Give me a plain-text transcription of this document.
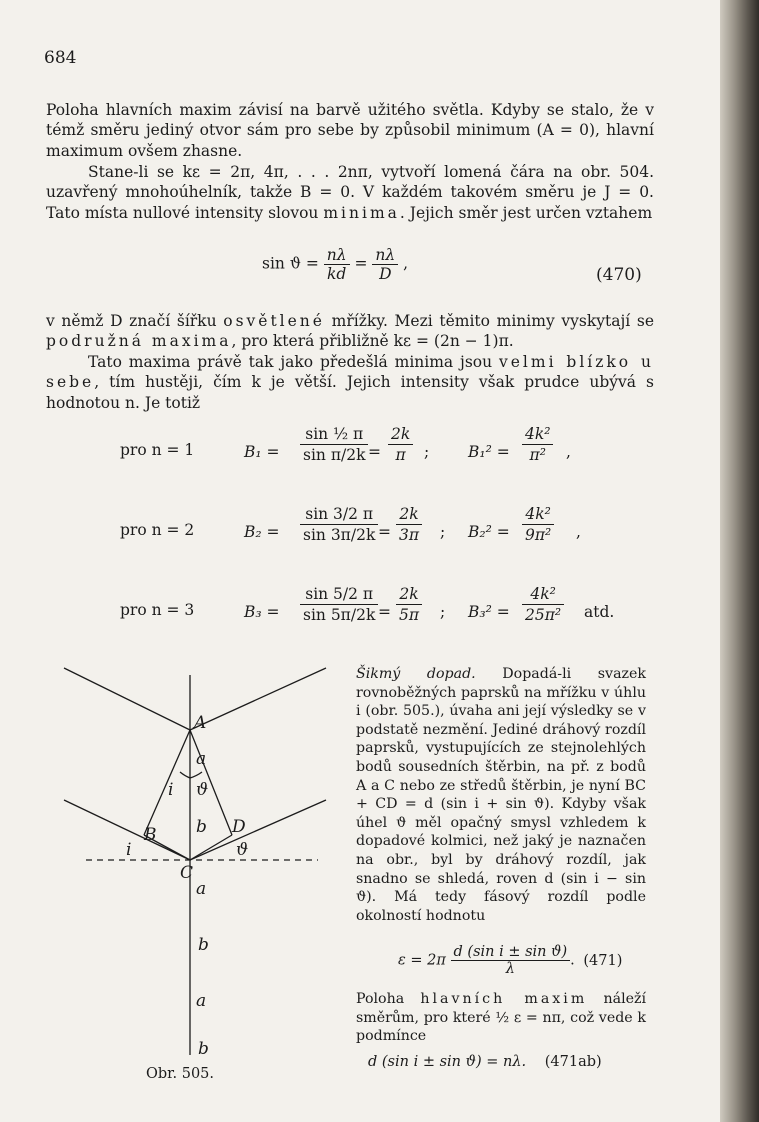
684
Poloha hlavních maxim závisí na barvě užitého světla. Kdyby se stalo, že v témž směru jediný otvor sám pro sebe by způsobil minimum (A = 0), hlavní maximum ovšem zhasne.
Stane-li se kε = 2π, 4π, . . . 2nπ, vytvoří lomená čára na obr. 504. uzavřený mnohoúhelník, takže B = 0. V každém takovém směru je J = 0. Tato místa nullové intensity slovou minima. Jejich směr jest určen vztahem
$\sin ϑ = \frac{n\lambda}{kd} = \frac{n\lambda}{D}$ ,
(470)
v němž D značí šířku osvětlené mřížky. Mezi těmito minimy vyskytají se podružná maxima, pro která přibližně kε = (2n − 1)π.
Tato maxima právě tak jako předešlá minima jsou velmi blízko u sebe, tím hustěji, čím k je větší. Jejich intensity však prudce ubývá s hodnotou n. Je totiž
pro n = 1	$B_1 = \frac{\text{sin ½ π}}{\text{sin π/2k}} = \frac{2k}{\pi}$ ;	$B_1^2 = \frac{\text{4k²}}{\text{π²}}$ ,
pro n = 2	$B_2 = \frac{\sin 3/2 \pi}{\sin 3\pi/2k} = \frac{2k}{3\pi}$ ; $B_2^2 = \frac{\text{4k²}}{\text{9π²}}$ ,
pro n = 3	$B_3 = \frac{\sin 5/2 \pi}{\sin 5\pi/2k} = \frac{2k}{5\pi}$ ; $B_3^2 = \frac{\text{4k²}}{\text{25π²}}$ atd.
A
a
i ϑ
B b D
i	ϑ
C
a
b
a
b
Obr. 505.
Šikmý dopad. Dopadá-li svazek rovnoběžných paprsků na mřížku v úhlu i (obr. 505.), úvaha ani její výsledky se v podstatě nezmění. Jediné dráhový rozdíl paprsků, vystupujících ze stejnolehlých bodů sousedních štěrbin, na př. z bodů A a C nebo ze středů štěrbin, je nyní BC + CD = d (sin i + sin ϑ). Kdyby však úhel ϑ měl opačný smysl vzhledem k dopadové kolmici, než jaký je naznačen na obr., byl by dráhový rozdíl, jak snadno se shledá, roven d (sin i − sin ϑ). Má tedy fásový rozdíl podle okolností hodnotu
$\varepsilon = 2\pi \frac{\text{d (sin i ± sin ϑ)}}{\lambda}$ . (471)
Poloha hlavních maxim náleží směrům, pro které ½ ε = nπ, což vede k podmínce
d (sin i ± sin ϑ) = nλ. (471ab)
